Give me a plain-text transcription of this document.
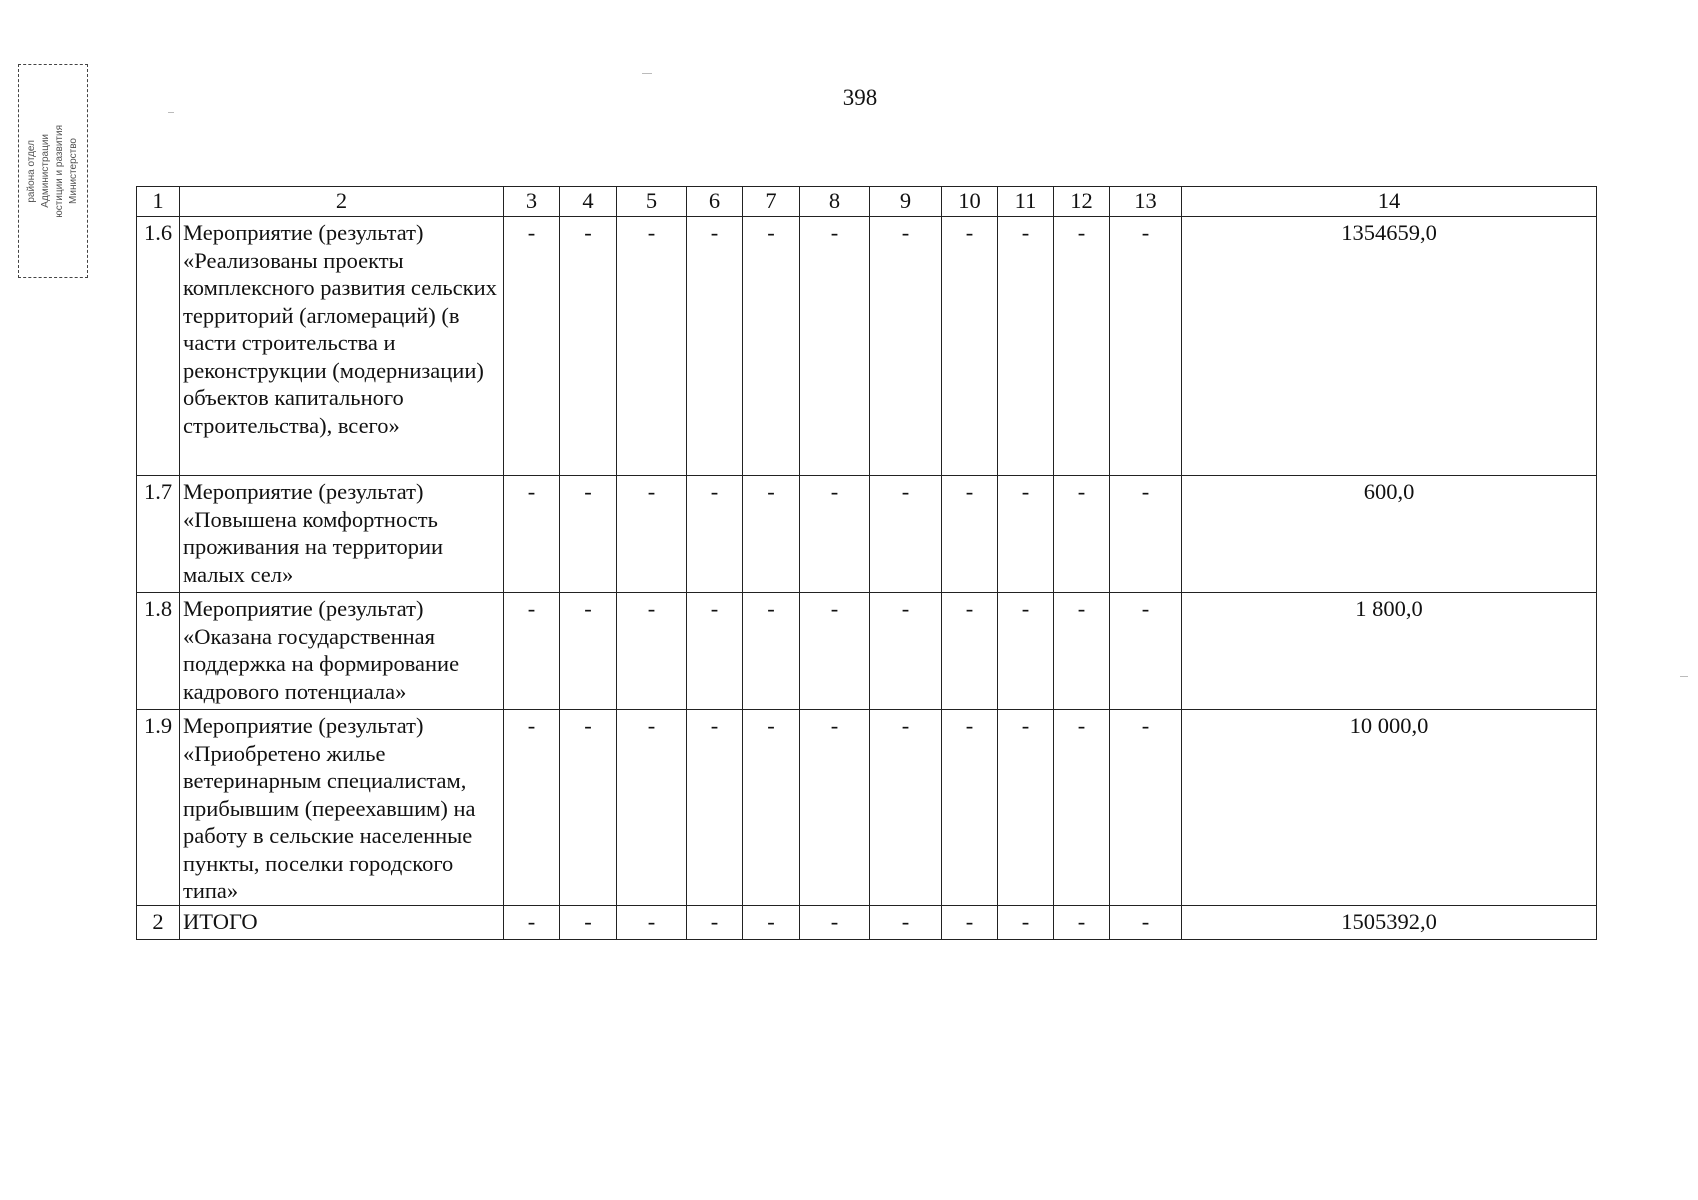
398
Министерство
юстиции и развития
Администрации
района отдел	1	2	3	4	5	6	7	8	9	10	11	12	13	14
1.6	Мероприятие (результат) «Реализованы проекты комплексного развития сельских территорий (агломераций) (в части строительства и реконструкции (модернизации) объектов капитального строительства), всего»	-	-	-	-	-	-	-	-	-	-	-	1354659,0
1.7	Мероприятие (результат) «Повышена комфортность проживания на территории малых сел»	-	-	-	-	-	-	-	-	-	-	-	600,0
1.8	Мероприятие (результат) «Оказана государственная поддержка на формирование кадрового потенциала»	-	-	-	-	-	-	-	-	-	-	-	1 800,0
1.9	Мероприятие (результат) «Приобретено жилье ветеринарным специалистам, прибывшим (переехавшим) на работу в сельские населенные пункты, поселки городского типа»	-	-	-	-	-	-	-	-	-	-	-	10 000,0
2	ИТОГО	-	-	-	-	-	-	-	-	-	-	-	1505392,0
